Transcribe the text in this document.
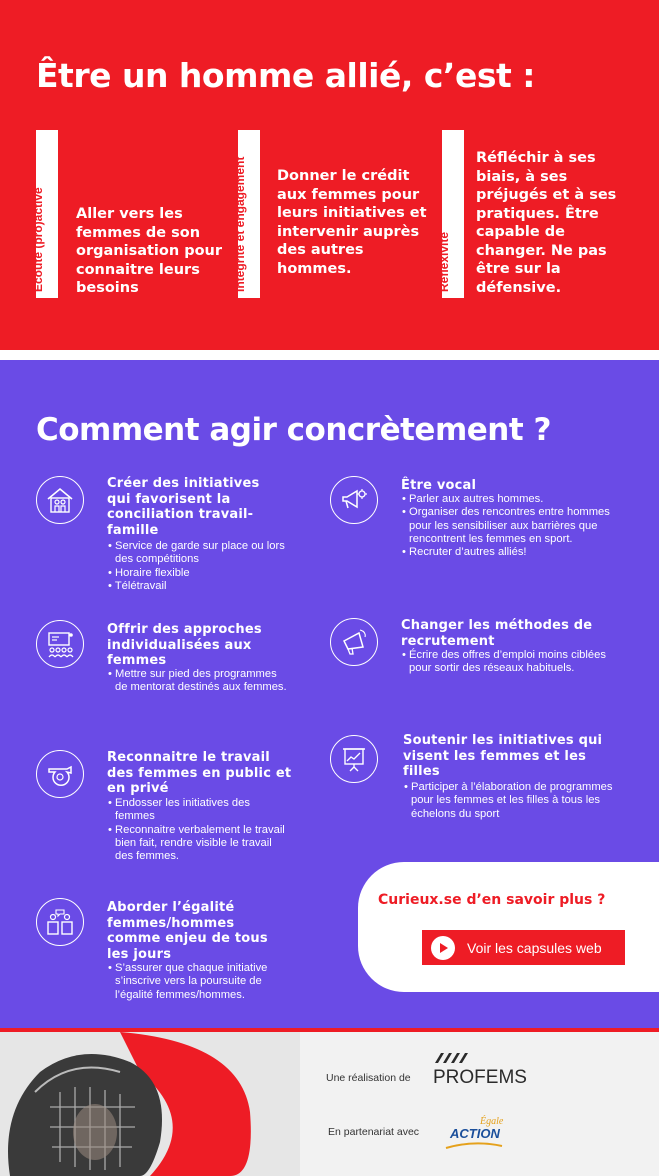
Être un homme allié, c’est :
Écoute (pro)active Aller vers les femmes de son organisation pour connaitre leurs besoins	Intégrité et engagement Donner le crédit aux femmes pour leurs initiatives et intervenir auprès des autres hommes.	Réflexivité
Réfléchir à ses biais, à ses préjugés et à ses pratiques. Être capable de changer. Ne pas être sur la défensive.
Comment agir concrètement ?
Créer des initiatives qui favorisent la conciliation travail-famille
• Service de garde sur place ou lors des compétitions
• Horaire flexible
• Télétravail
Offrir des approches individualisées aux femmes
• Mettre sur pied des programmes de mentorat destinés aux femmes.
Reconnaitre le travail des femmes en public et en privé
• Endosser les initiatives des femmes
• Reconnaitre verbalement le travail bien fait, rendre visible le travail des femmes.
Aborder l’égalité femmes/hommes comme enjeu de tous les jours
• S’assurer que chaque initiative s’inscrive vers la poursuite de l’égalité femmes/hommes.
Être vocal
• Parler aux autres hommes.
• Organiser des rencontres entre hommes pour les sensibiliser aux barrières que rencontrent les femmes en sport.
• Recruter d’autres alliés!
Changer les méthodes de recrutement
• Écrire des offres d’emploi moins ciblées pour sortir des réseaux habituels.
Soutenir les initiatives qui visent les femmes et les filles
• Participer à l’élaboration de programmes pour les femmes et les filles à tous les échelons du sport
Curieux.se d’en savoir plus ?
Voir les capsules web
Une réalisation de PROFEMS
En partenariat avec
Égale
ACTION
